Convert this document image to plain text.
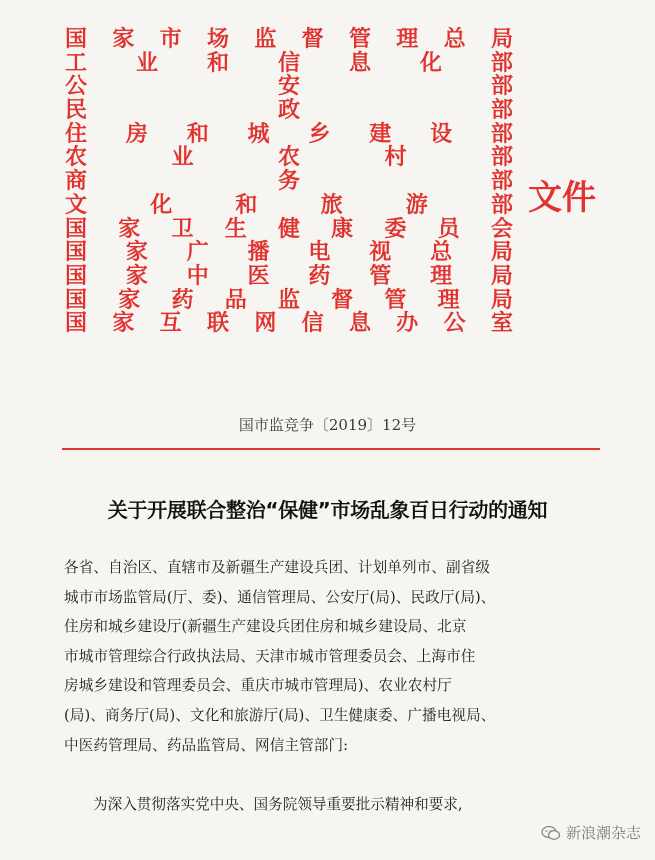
国 家 市 场 监 督 管 理 总 局
工 业 和 信 息 化 部
公	安	部
民	政	部
住 房 和 城 乡 建 设 部
农	业	农	村	部
商	务	部
文	化	和	旅	游	部
国 家 卫 生 健 康 委 员 会
国 家 广 播 电 视 总 局
国 家 中 医 药 管 理 局
国 家 药 品 监 督 管 理 局
国 家 互 联 网 信 息 办 公 室
文件
国市监竞争〔2019〕12号
关于开展联合整治“保健”市场乱象百日行动的通知
各省、自治区、直辖市及新疆生产建设兵团、计划单列市、副省级
城市市场监管局(厅、委)、通信管理局、公安厅(局)、民政厅(局)、
住房和城乡建设厅(新疆生产建设兵团住房和城乡建设局、北京
市城市管理综合行政执法局、天津市城市管理委员会、上海市住
房城乡建设和管理委员会、重庆市城市管理局)、农业农村厅
(局)、商务厅(局)、文化和旅游厅(局)、卫生健康委、广播电视局、
中医药管理局、药品监管局、网信主管部门:
为深入贯彻落实党中央、国务院领导重要批示精神和要求,
新浪潮杂志
